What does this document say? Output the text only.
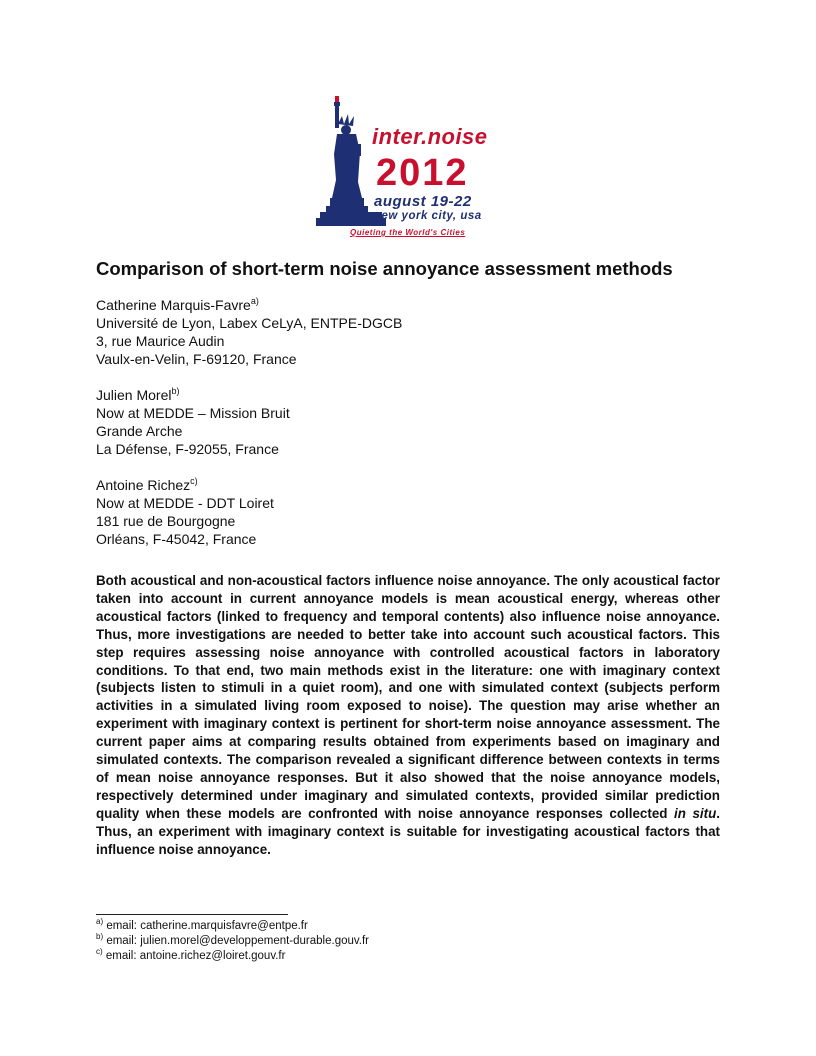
inter.noise
2012
august 19-22
new york city, usa
Quieting the World's Cities
Comparison of short-term noise annoyance assessment methods
Catherine Marquis-Favre$^{a)}$
Université de Lyon, Labex CeLyA, ENTPE-DGCB
3, rue Maurice Audin
Vaulx-en-Velin, F-69120, France
Julien Morel$^{b)}$
Now at MEDDE – Mission Bruit
Grande Arche
La Défense, F-92055, France
Antoine Richez$^{c)}$
Now at MEDDE - DDT Loiret
181 rue de Bourgogne
Orléans, F-45042, France

Both acoustical and non-acoustical factors influence noise annoyance. The only acoustical factor taken into account in current annoyance models is mean acoustical energy, whereas other acoustical factors (linked to frequency and temporal contents) also influence noise annoyance. Thus, more investigations are needed to better take into account such acoustical factors. This step requires assessing noise annoyance with controlled acoustical factors in laboratory conditions. To that end, two main methods exist in the literature: one with imaginary context (subjects listen to stimuli in a quiet room), and one with simulated context (subjects perform activities in a simulated living room exposed to noise). The question may arise whether an experiment with imaginary context is pertinent for short-term noise annoyance assessment. The current paper aims at comparing results obtained from experiments based on imaginary and simulated contexts. The comparison revealed a significant difference between contexts in terms of mean noise annoyance responses. But it also showed that the noise annoyance models, respectively determined under imaginary and simulated contexts, provided similar prediction quality when these models are confronted with noise annoyance responses collected in situ. Thus, an experiment with imaginary context is suitable for investigating acoustical factors that influence noise annoyance.

$^{a)}$ email: catherine.marquisfavre@entpe.fr
$^{b)}$ email: julien.morel@developpement-durable.gouv.fr
$^{c)}$ email: antoine.richez@loiret.gouv.fr
